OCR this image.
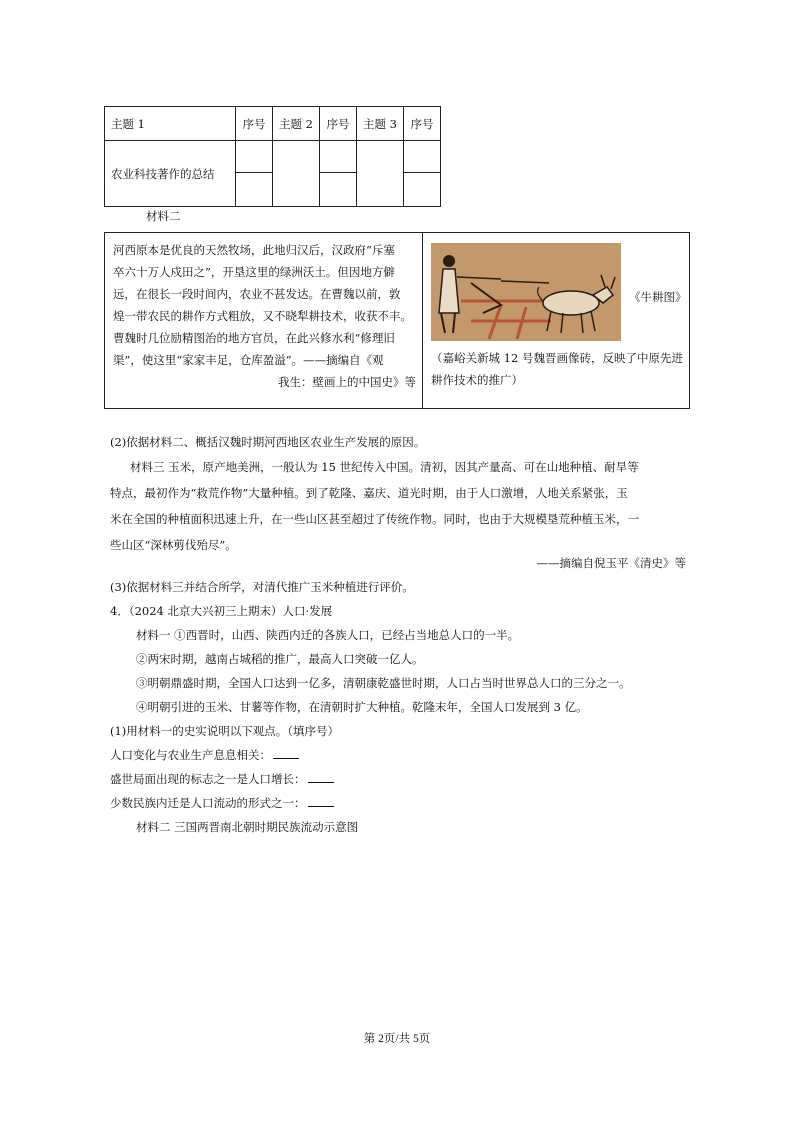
主题 1	序号	主题 2	序号	主题 3	序号
农业科技著作的总结					

材料二

河西原本是优良的天然牧场，此地归汉后，汉政府“斥塞

卒六十万人戍田之”，开垦这里的绿洲沃土。但因地方僻

远，在很长一段时间内，农业不甚发达。在曹魏以前，敦

煌一带农民的耕作方式粗放，又不晓犁耕技术，收获不丰。

曹魏时几位励精图治的地方官员，在此兴修水利“修理旧

渠”，使这里“家家丰足，仓库盈溢”。——摘编自《观

我生：壁画上的中国史》等

《牛耕图》
（嘉峪关新城 12 号魏晋画像砖，反映了中原先进耕作技术的推广）
(2)依据材料二、概括汉魏时期河西地区农业生产发展的原因。
材料三 玉米，原产地美洲，一般认为 15 世纪传入中国。清初，因其产量高、可在山地种植、耐旱等
特点，最初作为“救荒作物”大量种植。到了乾隆、嘉庆、道光时期，由于人口激增，人地关系紧张，玉
米在全国的种植面积迅速上升，在一些山区甚至超过了传统作物。同时，也由于大规模垦荒种植玉米，一
些山区“深林剪伐殆尽”。
——摘编自倪玉平《清史》等
(3)依据材料三并结合所学，对清代推广玉米种植进行评价。
4．（2024 北京大兴初三上期末）人口·发展
材料一 ①西晋时，山西、陕西内迁的各族人口，已经占当地总人口的一半。
②两宋时期，越南占城稻的推广，最高人口突破一亿人。
③明朝鼎盛时期，全国人口达到一亿多，清朝康乾盛世时期，人口占当时世界总人口的三分之一。
④明朝引进的玉米、甘薯等作物，在清朝时扩大种植。乾隆末年，全国人口发展到 3 亿。
(1)用材料一的史实说明以下观点。（填序号）
人口变化与农业生产息息相关：
盛世局面出现的标志之一是人口增长：
少数民族内迁是人口流动的形式之一：
材料二 三国两晋南北朝时期民族流动示意图
第 2页/共 5页
